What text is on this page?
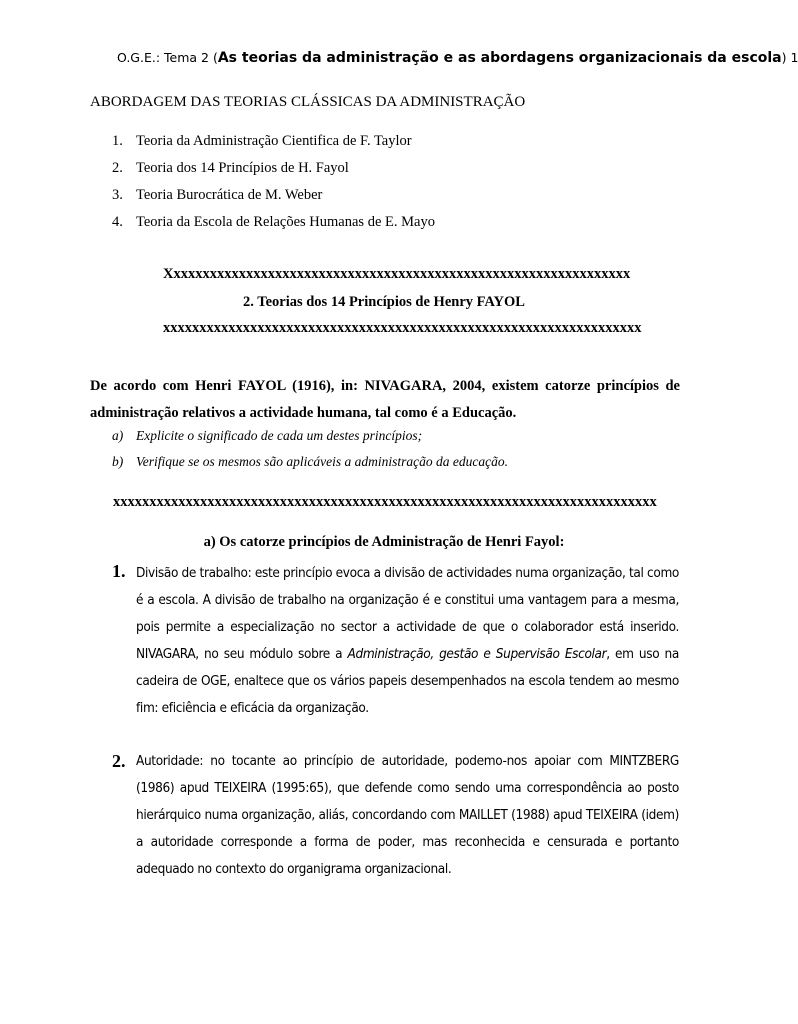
O.G.E.: Tema 2 (As teorias da administração e as abordagens organizacionais da escola) 1
ABORDAGEM DAS TEORIAS CLÁSSICAS DA ADMINISTRAÇÃO
1. Teoria da Administração Cientifica de F. Taylor
2. Teoria dos 14 Princípios de H. Fayol
3. Teoria Burocrática de M. Weber
4. Teoria da Escola de Relações Humanas de E. Mayo
Xxxxxxxxxxxxxxxxxxxxxxxxxxxxxxxxxxxxxxxxxxxxxxxxxxxxxxxxxxxxxxxx
2. Teorias dos 14 Princípios de Henry FAYOL
xxxxxxxxxxxxxxxxxxxxxxxxxxxxxxxxxxxxxxxxxxxxxxxxxxxxxxxxxxxxxxxxxx
De acordo com Henri FAYOL (1916), in: NIVAGARA, 2004, existem catorze princípios de administração relativos a actividade humana, tal como é a Educação.
a) Explicite o significado de cada um destes princípios;
b) Verifique se os mesmos são aplicáveis a administração da educação.
xxxxxxxxxxxxxxxxxxxxxxxxxxxxxxxxxxxxxxxxxxxxxxxxxxxxxxxxxxxxxxxxxxxxxxxxxxx
a) Os catorze princípios de Administração de Henri Fayol:
1. Divisão de trabalho: este princípio evoca a divisão de actividades numa organização, tal como é a escola. A divisão de trabalho na organização é e constitui uma vantagem para a mesma, pois permite a especialização no sector a actividade de que o colaborador está inserido. NIVAGARA, no seu módulo sobre a Administração, gestão e Supervisão Escolar, em uso na cadeira de OGE, enaltece que os vários papeis desempenhados na escola tendem ao mesmo fim: eficiência e eficácia da organização.
2. Autoridade: no tocante ao princípio de autoridade, podemo-nos apoiar com MINTZBERG (1986) apud TEIXEIRA (1995:65), que defende como sendo uma correspondência ao posto hierárquico numa organização, aliás, concordando com MAILLET (1988) apud TEIXEIRA (idem) a autoridade corresponde a forma de poder, mas reconhecida e censurada e portanto adequado no contexto do organigrama organizacional.
